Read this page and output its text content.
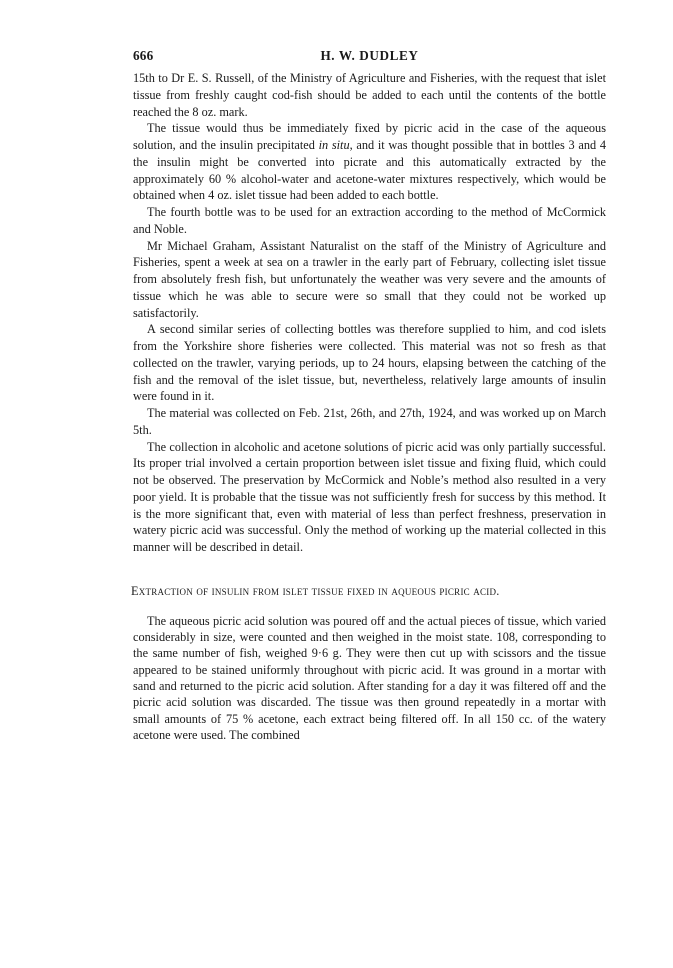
666	H. W. DUDLEY

15th to Dr E. S. Russell, of the Ministry of Agriculture and Fisheries, with the request that islet tissue from freshly caught cod-fish should be added to each until the contents of the bottle reached the 8 oz. mark.

The tissue would thus be immediately fixed by picric acid in the case of the aqueous solution, and the insulin precipitated in situ, and it was thought possible that in bottles 3 and 4 the insulin might be converted into picrate and this automatically extracted by the approximately 60 % alcohol-water and acetone-water mixtures respectively, which would be obtained when 4 oz. islet tissue had been added to each bottle.

The fourth bottle was to be used for an extraction according to the method of McCormick and Noble.

Mr Michael Graham, Assistant Naturalist on the staff of the Ministry of Agriculture and Fisheries, spent a week at sea on a trawler in the early part of February, collecting islet tissue from absolutely fresh fish, but unfortunately the weather was very severe and the amounts of tissue which he was able to secure were so small that they could not be worked up satisfactorily.

A second similar series of collecting bottles was therefore supplied to him, and cod islets from the Yorkshire shore fisheries were collected. This material was not so fresh as that collected on the trawler, varying periods, up to 24 hours, elapsing between the catching of the fish and the removal of the islet tissue, but, nevertheless, relatively large amounts of insulin were found in it.

The material was collected on Feb. 21st, 26th, and 27th, 1924, and was worked up on March 5th.

The collection in alcoholic and acetone solutions of picric acid was only partially successful. Its proper trial involved a certain proportion between islet tissue and fixing fluid, which could not be observed. The preservation by McCormick and Noble’s method also resulted in a very poor yield. It is probable that the tissue was not sufficiently fresh for success by this method. It is the more significant that, even with material of less than perfect freshness, preservation in watery picric acid was successful. Only the method of working up the material collected in this manner will be described in detail.

Extraction of insulin from islet tissue fixed in aqueous picric acid.

The aqueous picric acid solution was poured off and the actual pieces of tissue, which varied considerably in size, were counted and then weighed in the moist state. 108, corresponding to the same number of fish, weighed 9·6 g. They were then cut up with scissors and the tissue appeared to be stained uniformly throughout with picric acid. It was ground in a mortar with sand and returned to the picric acid solution. After standing for a day it was filtered off and the picric acid solution was discarded. The tissue was then ground repeatedly in a mortar with small amounts of 75 % acetone, each extract being filtered off. In all 150 cc. of the watery acetone were used. The combined
